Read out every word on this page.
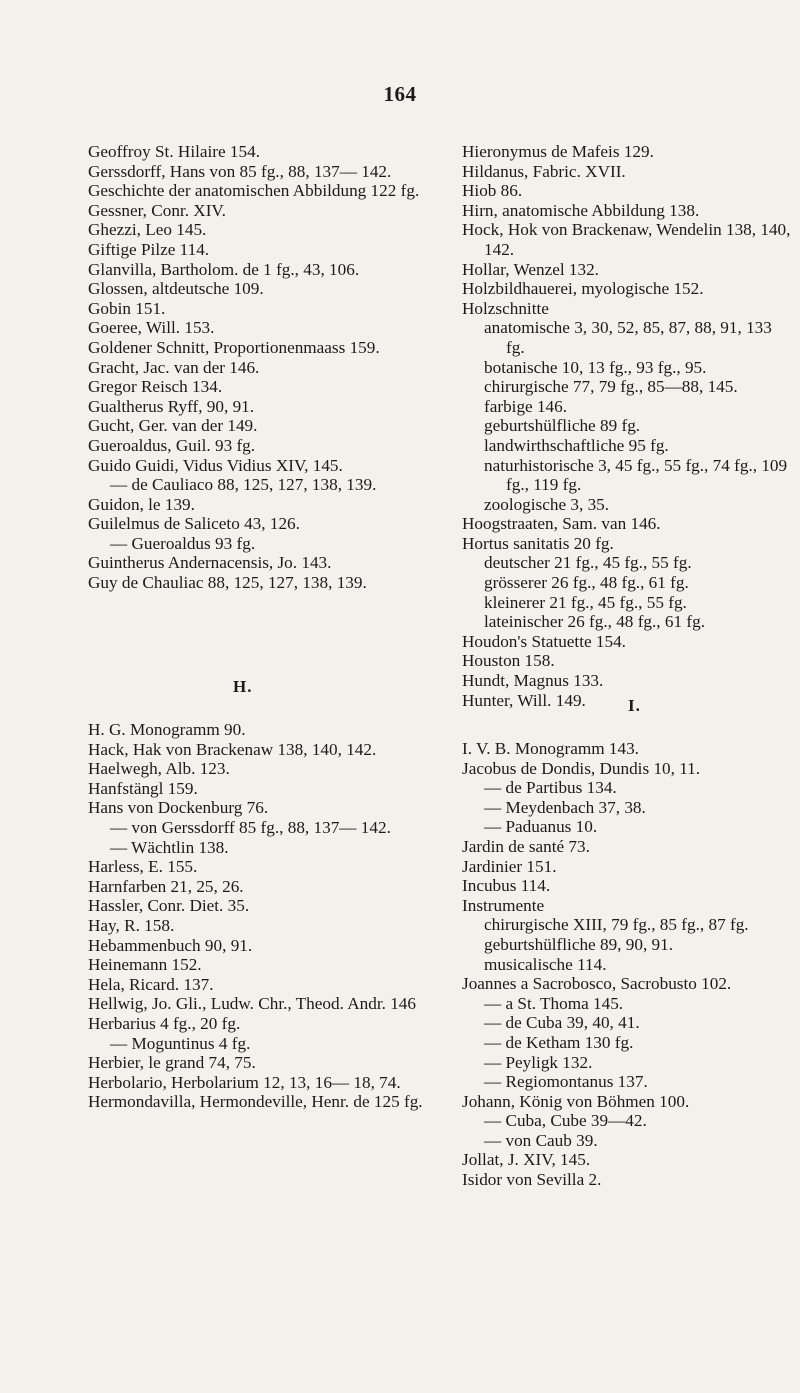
164
Geoffroy St. Hilaire 154.
Gerssdorff, Hans von 85 fg., 88, 137— 142.
Geschichte der anatomischen Abbildung 122 fg.
Gessner, Conr. XIV.
Ghezzi, Leo 145.
Giftige Pilze 114.
Glanvilla, Bartholom. de 1 fg., 43, 106.
Glossen, altdeutsche 109.
Gobin 151.
Goeree, Will. 153.
Goldener Schnitt, Proportionenmaass 159.
Gracht, Jac. van der 146.
Gregor Reisch 134.
Gualtherus Ryff, 90, 91.
Gucht, Ger. van der 149.
Gueroaldus, Guil. 93 fg.
Guido Guidi, Vidus Vidius XIV, 145.
— de Cauliaco 88, 125, 127, 138, 139.
Guidon, le 139.
Guilelmus de Saliceto 43, 126.
— Gueroaldus 93 fg.
Guintherus Andernacensis, Jo. 143.
Guy de Chauliac 88, 125, 127, 138, 139.
H.
H. G. Monogramm 90.
Hack, Hak von Brackenaw 138, 140, 142.
Haelwegh, Alb. 123.
Hanfstängl 159.
Hans von Dockenburg 76.
— von Gerssdorff 85 fg., 88, 137— 142.
— Wächtlin 138.
Harless, E. 155.
Harnfarben 21, 25, 26.
Hassler, Conr. Diet. 35.
Hay, R. 158.
Hebammenbuch 90, 91.
Heinemann 152.
Hela, Ricard. 137.
Hellwig, Jo. Gli., Ludw. Chr., Theod. Andr. 146
Herbarius 4 fg., 20 fg.
— Moguntinus 4 fg.
Herbier, le grand 74, 75.
Herbolario, Herbolarium 12, 13, 16— 18, 74.
Hermondavilla, Hermondeville, Henr. de 125 fg.
Hieronymus de Mafeis 129.
Hildanus, Fabric. XVII.
Hiob 86.
Hirn, anatomische Abbildung 138.
Hock, Hok von Brackenaw, Wendelin 138, 140, 142.
Hollar, Wenzel 132.
Holzbildhauerei, myologische 152.
Holzschnitte
anatomische 3, 30, 52, 85, 87, 88, 91, 133 fg.
botanische 10, 13 fg., 93 fg., 95.
chirurgische 77, 79 fg., 85—88, 145.
farbige 146.
geburtshülfliche 89 fg.
landwirthschaftliche 95 fg.
naturhistorische 3, 45 fg., 55 fg., 74 fg., 109 fg., 119 fg.
zoologische 3, 35.
Hoogstraaten, Sam. van 146.
Hortus sanitatis 20 fg.
deutscher 21 fg., 45 fg., 55 fg.
grösserer 26 fg., 48 fg., 61 fg.
kleinerer 21 fg., 45 fg., 55 fg.
lateinischer 26 fg., 48 fg., 61 fg.
Houdon's Statuette 154.
Houston 158.
Hundt, Magnus 133.
Hunter, Will. 149.	I.
I. V. B. Monogramm 143.
Jacobus de Dondis, Dundis 10, 11.
— de Partibus 134.
— Meydenbach 37, 38.
— Paduanus 10.
Jardin de santé 73.
Jardinier 151.
Incubus 114.
Instrumente
chirurgische XIII, 79 fg., 85 fg., 87 fg.
geburtshülfliche 89, 90, 91.
musicalische 114.
Joannes a Sacrobosco, Sacrobusto 102.
— a St. Thoma 145.
— de Cuba 39, 40, 41.
— de Ketham 130 fg.
— Peyligk 132.
— Regiomontanus 137.
Johann, König von Böhmen 100.
— Cuba, Cube 39—42.
— von Caub 39.
Jollat, J. XIV, 145.
Isidor von Sevilla 2.
